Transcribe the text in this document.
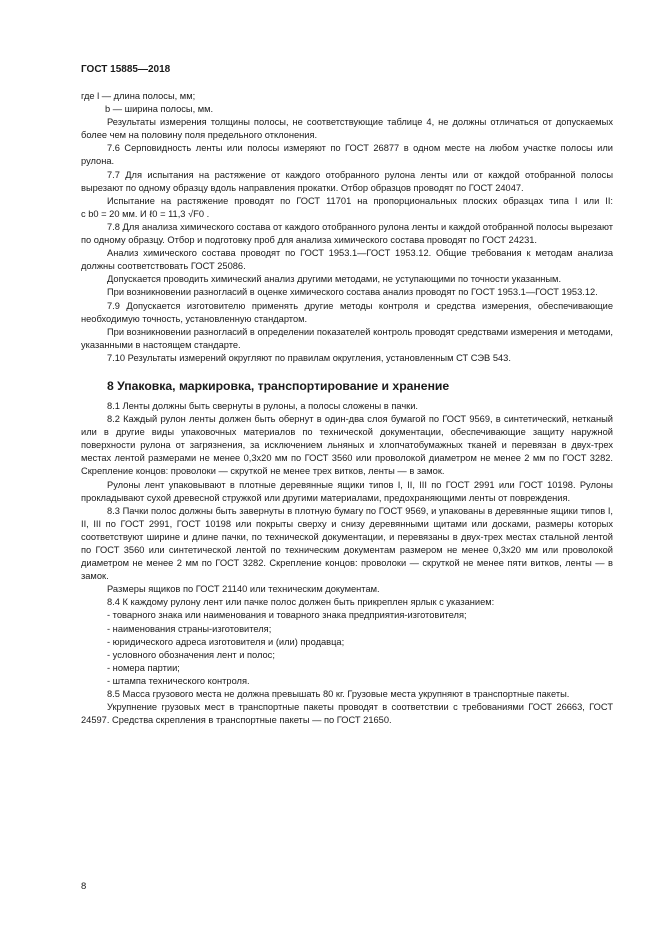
ГОСТ 15885—2018

где l — длина полосы, мм;

b — ширина полосы, мм.

Результаты измерения толщины полосы, не соответствующие таблице 4, не должны отличаться от допускаемых более чем на половину поля предельного отклонения.

7.6 Серповидность ленты или полосы измеряют по ГОСТ 26877 в одном месте на любом участке полосы или рулона.

7.7 Для испытания на растяжение от каждого отобранного рулона ленты или от каждой отобранной полосы вырезают по одному образцу вдоль направления прокатки. Отбор образцов проводят по ГОСТ 24047.

Испытание на растяжение проводят по ГОСТ 11701 на пропорциональных плоских образцах типа I или II: с b0 = 20 мм. И ℓ0 = 11,3 √F0 .

7.8 Для анализа химического состава от каждого отобранного рулона ленты и каждой отобранной полосы вырезают по одному образцу. Отбор и подготовку проб для анализа химического состава проводят по ГОСТ 24231.

Анализ химического состава проводят по ГОСТ 1953.1—ГОСТ 1953.12. Общие требования к методам анализа должны соответствовать ГОСТ 25086.

Допускается проводить химический анализ другими методами, не уступающими по точности указанным.

При возникновении разногласий в оценке химического состава анализ проводят по ГОСТ 1953.1—ГОСТ 1953.12.

7.9 Допускается изготовителю применять другие методы контроля и средства измерения, обеспечивающие необходимую точность, установленную стандартом.

При возникновении разногласий в определении показателей контроль проводят средствами измерения и методами, указанными в настоящем стандарте.

7.10 Результаты измерений округляют по правилам округления, установленным СТ СЭВ 543.

8 Упаковка, маркировка, транспортирование и хранение

8.1 Ленты должны быть свернуты в рулоны, а полосы сложены в пачки.

8.2 Каждый рулон ленты должен быть обернут в один-два слоя бумагой по ГОСТ 9569, в синтетический, нетканый или в другие виды упаковочных материалов по технической документации, обеспечивающие защиту наружной поверхности рулона от загрязнения, за исключением льняных и хлопчатобумажных тканей и перевязан в двух-трех местах лентой размерами не менее 0,3х20 мм по ГОСТ 3560 или проволокой диаметром не менее 2 мм по ГОСТ 3282. Скрепление концов: проволоки — скруткой не менее трех витков, ленты — в замок.

Рулоны лент упаковывают в плотные деревянные ящики типов I, II, III по ГОСТ 2991 или ГОСТ 10198. Рулоны прокладывают сухой древесной стружкой или другими материалами, предохраняющими ленты от повреждения.

8.3 Пачки полос должны быть завернуты в плотную бумагу по ГОСТ 9569, и упакованы в деревянные ящики типов I, II, III по ГОСТ 2991, ГОСТ 10198 или покрыты сверху и снизу деревянными щитами или досками, размеры которых соответствуют ширине и длине пачки, по технической документации, и перевязаны в двух-трех местах стальной лентой по ГОСТ 3560 или синтетической лентой по техническим документам размером не менее 0,3х20 мм или проволокой диаметром не менее 2 мм по ГОСТ 3282. Скрепление концов: проволоки — скруткой не менее пяти витков, ленты — в замок.

Размеры ящиков по ГОСТ 21140 или техническим документам.

8.4 К каждому рулону лент или пачке полос должен быть прикреплен ярлык с указанием:

- товарного знака или наименования и товарного знака предприятия-изготовителя;

- наименования страны-изготовителя;

- юридического адреса изготовителя и (или) продавца;

- условного обозначения лент и полос;

- номера партии;

- штампа технического контроля.

8.5 Масса грузового места не должна превышать 80 кг. Грузовые места укрупняют в транспортные пакеты.

Укрупнение грузовых мест в транспортные пакеты проводят в соответствии с требованиями ГОСТ 26663, ГОСТ 24597. Средства скрепления в транспортные пакеты — по ГОСТ 21650.

8
